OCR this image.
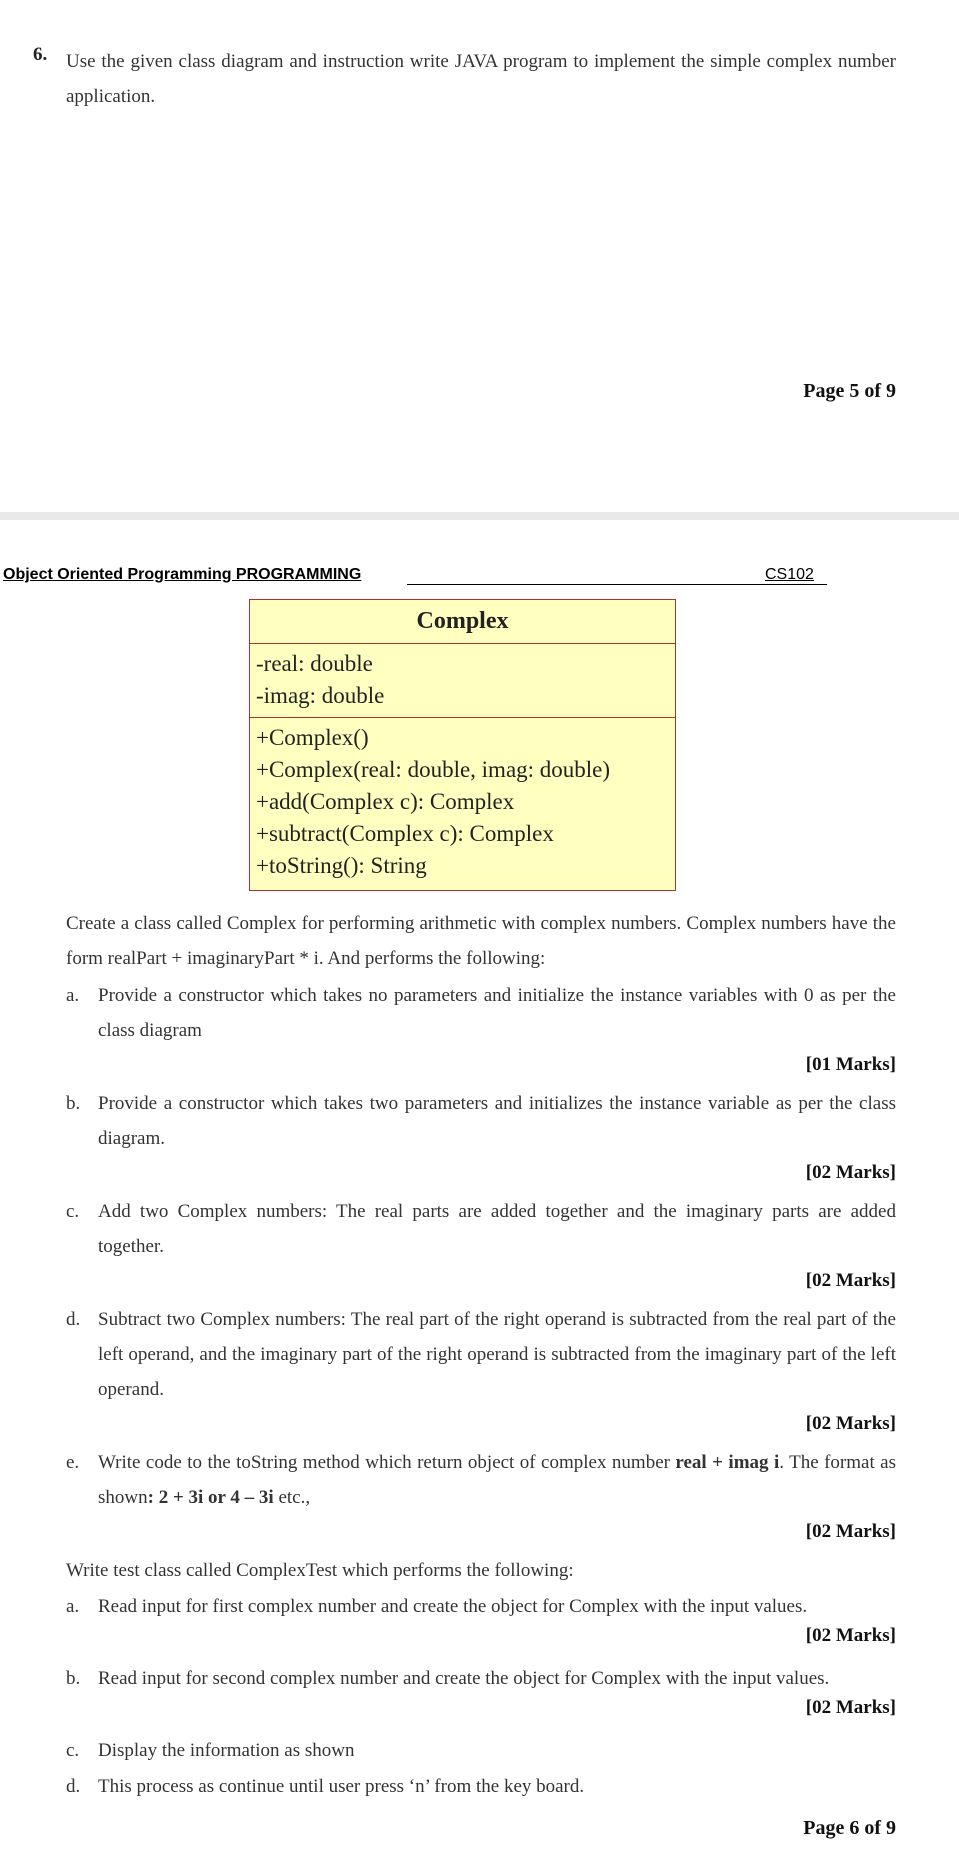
6. Use the given class diagram and instruction write JAVA program to implement the simple complex number application.
Page 5 of 9
Object Oriented Programming PROGRAMMING	CS102
Complex
-real: double
-imag: double
+Complex()
+Complex(real: double, imag: double)
+add(Complex c): Complex
+subtract(Complex c): Complex
+toString(): String
Create a class called Complex for performing arithmetic with complex numbers. Complex numbers have the form realPart + imaginaryPart * i. And performs the following:
a. Provide a constructor which takes no parameters and initialize the instance variables with 0 as per the class diagram
[01 Marks]
b. Provide a constructor which takes two parameters and initializes the instance variable as per the class diagram.
[02 Marks]
c. Add two Complex numbers: The real parts are added together and the imaginary parts are added together.
[02 Marks]
d. Subtract two Complex numbers: The real part of the right operand is subtracted from the real part of the left operand, and the imaginary part of the right operand is subtracted from the imaginary part of the left operand.
[02 Marks]
e. Write code to the toString method which return object of complex number real + imag i. The format as shown: 2 + 3i or 4 – 3i etc.,
[02 Marks]
Write test class called ComplexTest which performs the following:
a. Read input for first complex number and create the object for Complex with the input values.
[02 Marks]
b. Read input for second complex number and create the object for Complex with the input values.
[02 Marks]
c. Display the information as shown
d. This process as continue until user press ‘n’ from the key board.
Page 6 of 9
